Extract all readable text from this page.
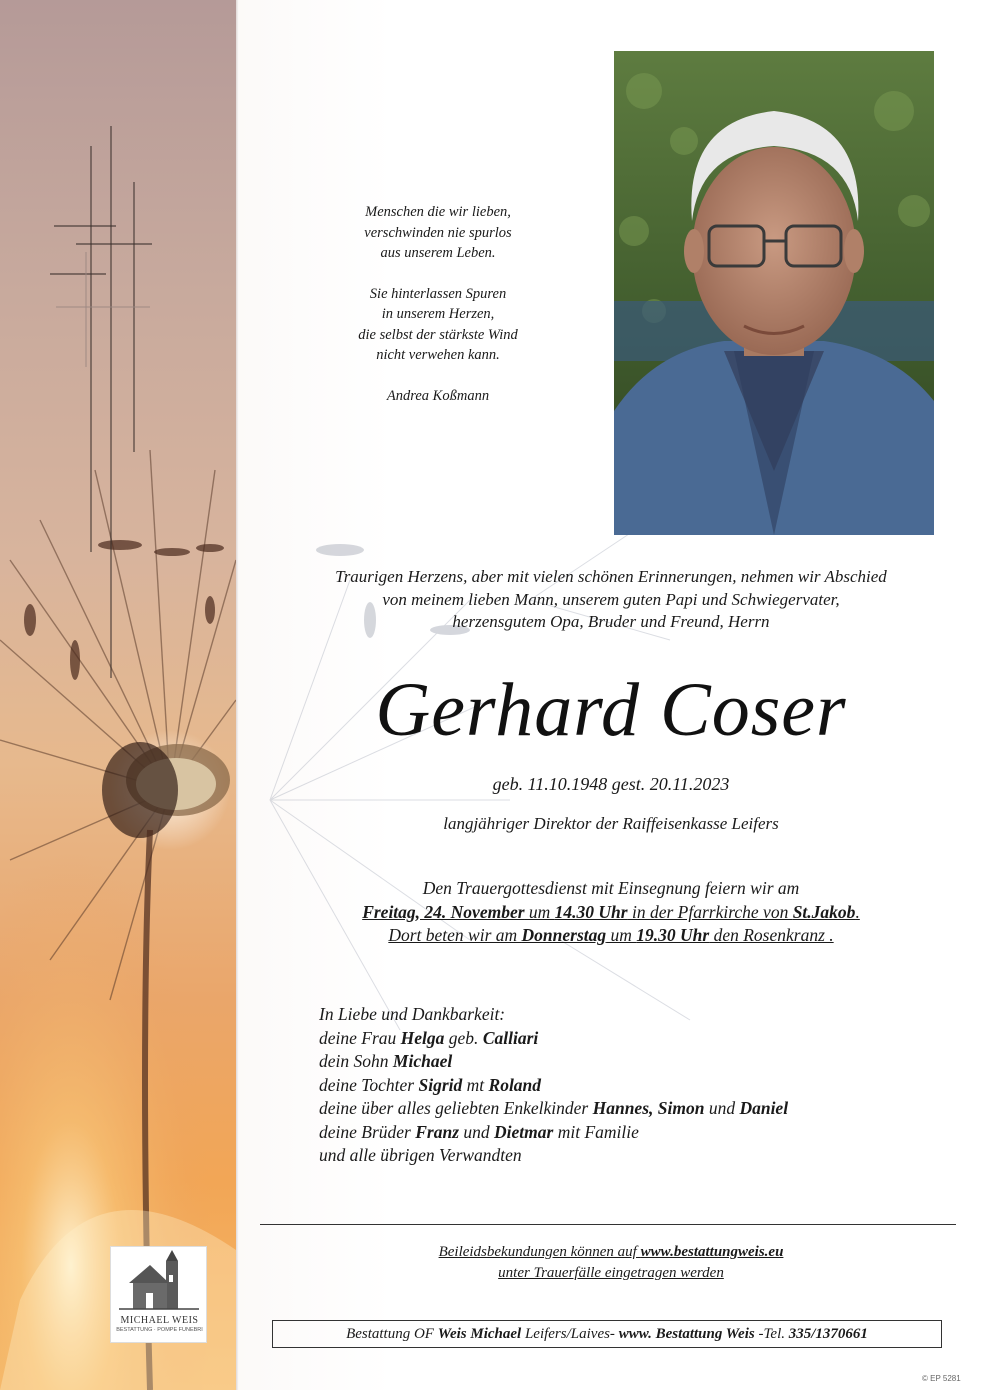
MICHAEL WEIS
BESTATTUNG · POMPE FUNEBRI

Menschen die wir lieben,

verschwinden nie spurlos

aus unserem Leben.

Sie hinterlassen Spuren

in unserem Herzen,

die selbst der stärkste Wind

nicht verwehen kann.

Andrea Koßmann

Traurigen Herzens, aber mit vielen schönen Erinnerungen, nehmen wir Abschied

von meinem lieben Mann, unserem guten Papi und Schwiegervater,

herzensgutem Opa, Bruder und Freund, Herrn

Gerhard Coser
geb. 11.10.1948 gest. 20.11.2023
langjähriger Direktor der Raiffeisenkasse Leifers

Den Trauergottesdienst mit Einsegnung feiern wir am

Freitag, 24. November um 14.30 Uhr in der Pfarrkirche von St.Jakob.

Dort beten wir am Donnerstag um 19.30 Uhr den Rosenkranz .

In Liebe und Dankbarkeit:

deine Frau Helga geb. Calliari

dein Sohn Michael

deine Tochter Sigrid mt Roland

deine über alles geliebten Enkelkinder Hannes, Simon und Daniel

deine Brüder Franz und Dietmar mit Familie

und alle übrigen Verwandten

Beileidsbekundungen können auf www.bestattungweis.eu

unter Trauerfälle eingetragen werden

Bestattung OF Weis Michael Leifers/Laives- www. Bestattung Weis -Tel. 335/1370661
© EP 5281
